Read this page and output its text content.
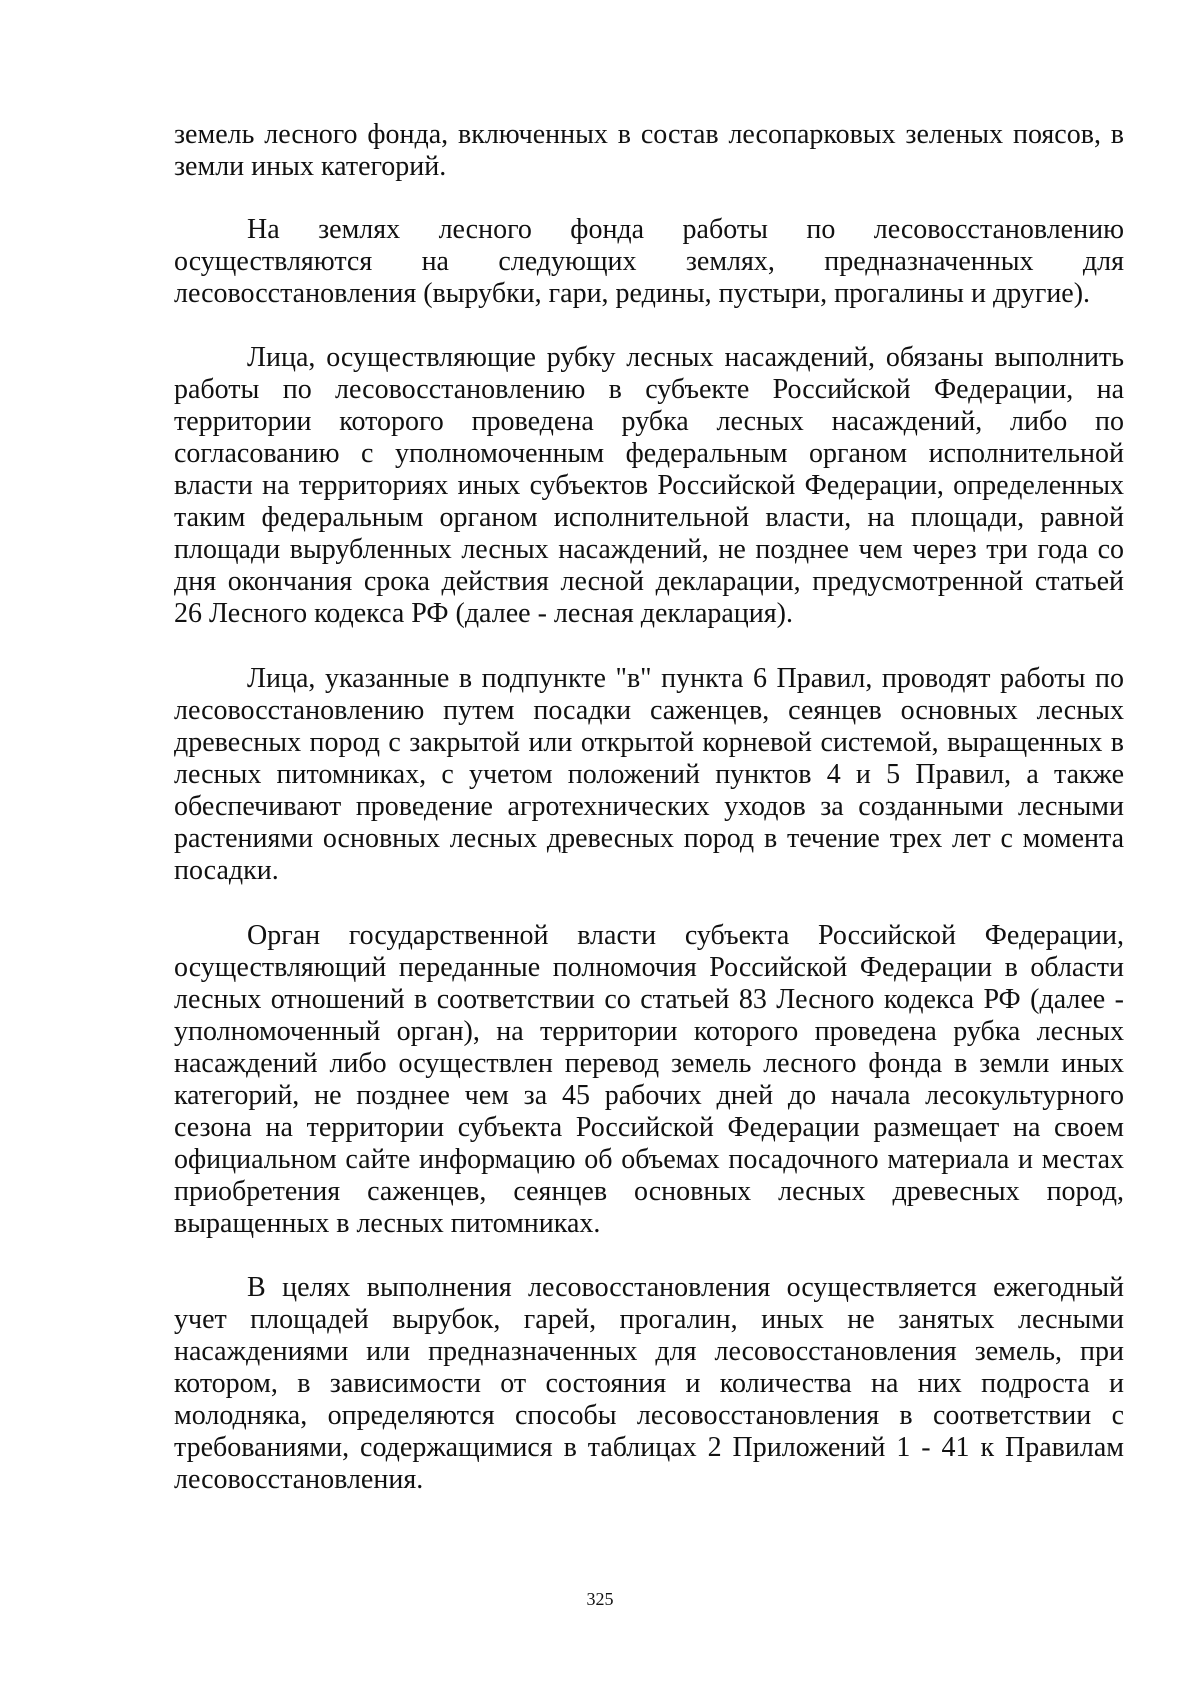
земель лесного фонда, включенных в состав лесопарковых зеленых поясов, в земли иных категорий.

На землях лесного фонда работы по лесовосстановлению осуществляются на следующих землях, предназначенных для лесовосстановления (вырубки, гари, редины, пустыри, прогалины и другие).

Лица, осуществляющие рубку лесных насаждений, обязаны выполнить работы по лесовосстановлению в субъекте Российской Федерации, на территории которого проведена рубка лесных насаждений, либо по согласованию с уполномоченным федеральным органом исполнительной власти на территориях иных субъектов Российской Федерации, определенных таким федеральным органом исполнительной власти, на площади, равной площади вырубленных лесных насаждений, не позднее чем через три года со дня окончания срока действия лесной декларации, предусмотренной статьей 26 Лесного кодекса РФ (далее - лесная декларация).

Лица, указанные в подпункте "в" пункта 6 Правил, проводят работы по лесовосстановлению путем посадки саженцев, сеянцев основных лесных древесных пород с закрытой или открытой корневой системой, выращенных в лесных питомниках, с учетом положений пунктов 4 и 5 Правил, а также обеспечивают проведение агротехнических уходов за созданными лесными растениями основных лесных древесных пород в течение трех лет с момента посадки.

Орган государственной власти субъекта Российской Федерации, осуществляющий переданные полномочия Российской Федерации в области лесных отношений в соответствии со статьей 83 Лесного кодекса РФ (далее - уполномоченный орган), на территории которого проведена рубка лесных насаждений либо осуществлен перевод земель лесного фонда в земли иных категорий, не позднее чем за 45 рабочих дней до начала лесокультурного сезона на территории субъекта Российской Федерации размещает на своем официальном сайте информацию об объемах посадочного материала и местах приобретения саженцев, сеянцев основных лесных древесных пород, выращенных в лесных питомниках.

В целях выполнения лесовосстановления осуществляется ежегодный учет площадей вырубок, гарей, прогалин, иных не занятых лесными насаждениями или предназначенных для лесовосстановления земель, при котором, в зависимости от состояния и количества на них подроста и молодняка, определяются способы лесовосстановления в соответствии с требованиями, содержащимися в таблицах 2 Приложений 1 - 41 к Правилам лесовосстановления.

325
